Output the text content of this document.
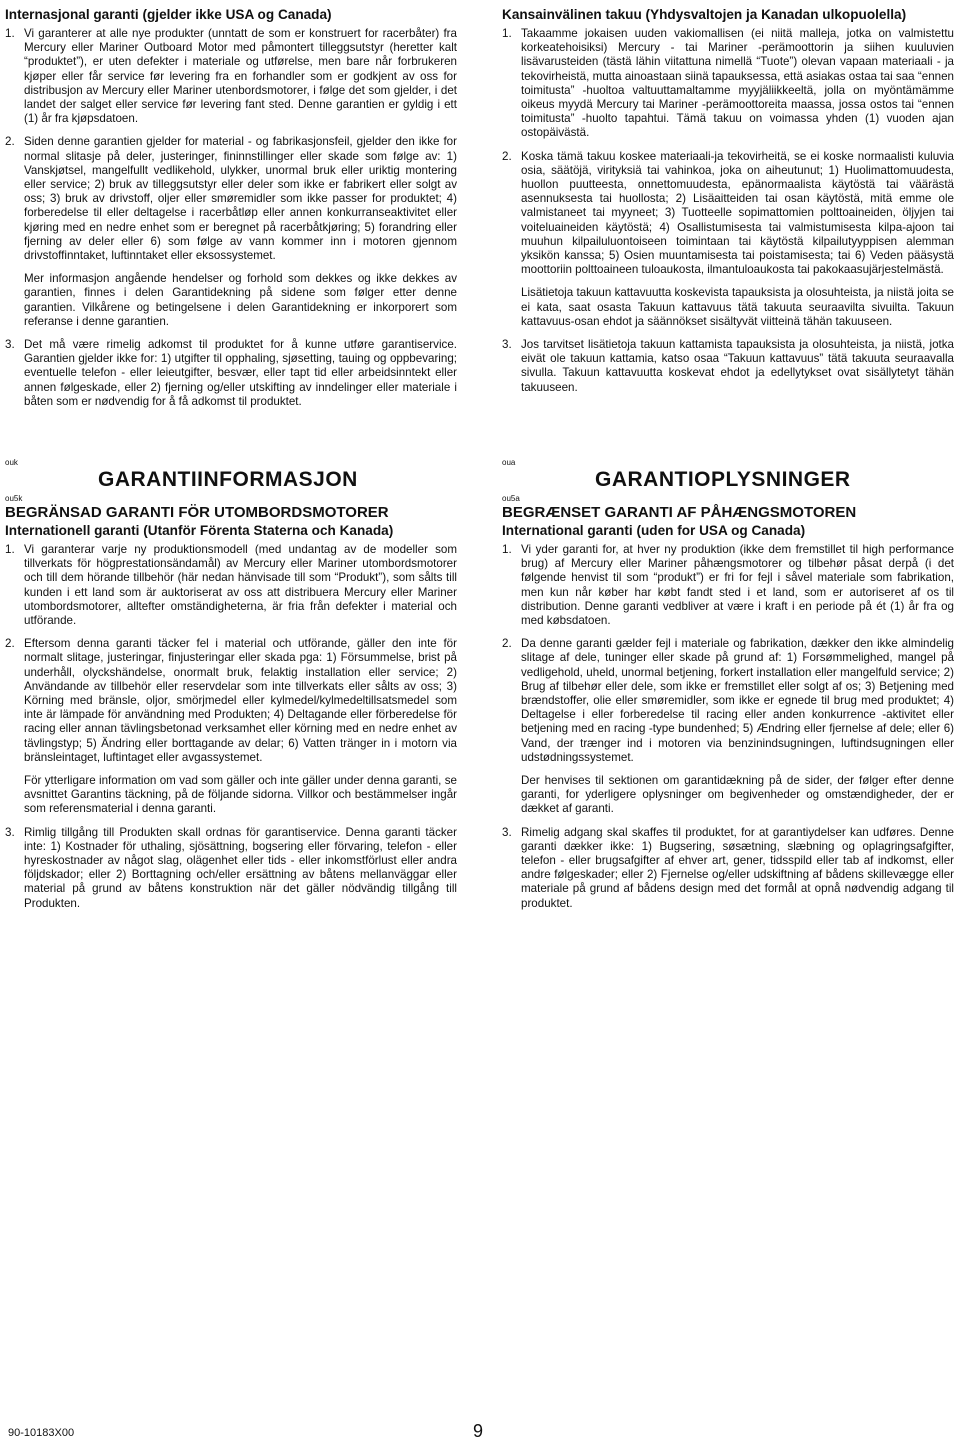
Internasjonal garanti (gjelder ikke USA og Canada)
1. Vi garanterer at alle nye produkter (unntatt de som er konstruert for racerbåter) fra Mercury eller Mariner Outboard Motor med påmontert tilleggsutstyr (heretter kalt “produktet”), er uten defekter i materiale og utførelse, men bare når forbrukeren kjøper eller får service før levering fra en forhandler som er godkjent av oss for distribusjon av Mercury eller Mariner utenbordsmotorer, i følge det som gjelder, i det landet der salget eller service før levering fant sted. Denne garantien er gyldig i ett (1) år fra kjøpsdatoen.
2. Siden denne garantien gjelder for material - og fabrikasjonsfeil, gjelder den ikke for normal slitasje på deler, justeringer, fininnstillinger eller skade som følge av: 1) Vanskjøtsel, mangelfullt vedlikehold, ulykker, unormal bruk eller uriktig montering eller service; 2) bruk av tilleggsutstyr eller deler som ikke er fabrikert eller solgt av oss; 3) bruk av drivstoff, oljer eller smøremidler som ikke passer for produktet; 4) forberedelse til eller deltagelse i racerbåtløp eller annen konkurranseaktivitet eller kjøring med en nedre enhet som er beregnet på racerbåtkjøring; 5) forandring eller fjerning av deler eller 6) som følge av vann kommer inn i motoren gjennom drivstoffinntaket, luftinntaket eller eksossystemet.
Mer informasjon angående hendelser og forhold som dekkes og ikke dekkes av garantien, finnes i delen Garantidekning på sidene som følger etter denne garantien. Vilkårene og betingelsene i delen Garantidekning er inkorporert som referanse i denne garantien.
3. Det må være rimelig adkomst til produktet for å kunne utføre garantiservice. Garantien gjelder ikke for: 1) utgifter til opphaling, sjøsetting, tauing og oppbevaring; eventuelle telefon - eller leieutgifter, besvær, eller tapt tid eller arbeidsinntekt eller annen følgeskade, eller 2) fjerning og/eller utskifting av inndelinger eller materiale i båten som er nødvendig for å få adkomst til produktet.
Kansainvälinen takuu (Yhdysvaltojen ja Kanadan ulkopuolella)
1. Takaamme jokaisen uuden vakiomallisen (ei niitä malleja, jotka on valmistettu korkeatehoisiksi) Mercury - tai Mariner -perämoottorin ja siihen kuuluvien lisävarusteiden (tästä lähin viitattuna nimellä “Tuote”) olevan vapaan materiaali - ja tekovirheistä, mutta ainoastaan siinä tapauksessa, että asiakas ostaa tai saa “ennen toimitusta” -huoltoa valtuuttamaltamme myyjäliikkeeltä, jolla on myöntämämme oikeus myydä Mercury tai Mariner -perämoottoreita maassa, jossa ostos tai “ennen toimitusta” -huolto tapahtui. Tämä takuu on voimassa yhden (1) vuoden ajan ostopäivästä.
2. Koska tämä takuu koskee materiaali-ja tekovirheitä, se ei koske normaalisti kuluvia osia, säätöjä, virityksiä tai vahinkoa, joka on aiheutunut; 1) Huolimattomuudesta, huollon puutteesta, onnettomuudesta, epänormaalista käytöstä tai väärästä asennuksesta tai huollosta; 2) Lisäaitteiden tai osan käytöstä, mitä emme ole valmistaneet tai myyneet; 3) Tuotteelle sopimattomien polttoaineiden, öljyjen tai voiteluaineiden käytöstä; 4) Osallistumisesta tai valmistumisesta kilpa-ajoon tai muuhun kilpailuluontoiseen toimintaan tai käytöstä kilpailutyyppisen alemman yksikön kanssa; 5) Osien muuntamisesta tai poistamisesta; tai 6) Veden pääsystä moottoriin polttoaineen tuloaukosta, ilmantuloaukosta tai pakokaasujärjestelmästä.
Lisätietoja takuun kattavuutta koskevista tapauksista ja olosuhteista, ja niistä joita se ei kata, saat osasta Takuun kattavuus tätä takuuta seuraavilta sivuilta. Takuun kattavuus-osan ehdot ja säännökset sisältyvät viitteinä tähän takuuseen.
3. Jos tarvitset lisätietoja takuun kattamista tapauksista ja olosuhteista, ja niistä, jotka eivät ole takuun kattamia, katso osaa “Takuun kattavuus” tätä takuuta seuraavalla sivulla. Takuun kattavuutta koskevat ehdot ja edellytykset ovat sisällytetyt tähän takuuseen.
ouk
GARANTIINFORMASJON
ou5k
BEGRÄNSAD GARANTI FÖR UTOMBORDSMOTORER
Internationell garanti (Utanför Förenta Staterna och Kanada)
1. Vi garanterar varje ny produktionsmodell (med undantag av de modeller som tillverkats för högprestationsändamål) av Mercury eller Mariner utombordsmotorer och till dem hörande tillbehör (här nedan hänvisade till som “Produkt”), som sålts till kunden i ett land som är auktoriserat av oss att distribuera Mercury eller Mariner utombordsmotorer, alltefter omständigheterna, är fria från defekter i material och utförande.
2. Eftersom denna garanti täcker fel i material och utförande, gäller den inte för normalt slitage, justeringar, finjusteringar eller skada pga: 1) Försummelse, brist på underhåll, olyckshändelse, onormalt bruk, felaktig installation eller service; 2) Användande av tillbehör eller reservdelar som inte tillverkats eller sålts av oss; 3) Körning med bränsle, oljor, smörjmedel eller kylmedel/kylmedeltillsatsmedel som inte är lämpade för användning med Produkten; 4) Deltagande eller förberedelse för racing eller annan tävlingsbetonad verksamhet eller körning med en nedre enhet av tävlingstyp; 5) Ändring eller borttagande av delar; 6) Vatten tränger in i motorn via bränsleintaget, luftintaget eller avgassystemet.
För ytterligare information om vad som gäller och inte gäller under denna garanti, se avsnittet Garantins täckning, på de följande sidorna. Villkor och bestämmelser ingår som referensmaterial i denna garanti.
3. Rimlig tillgång till Produkten skall ordnas för garantiservice. Denna garanti täcker inte: 1) Kostnader för uthaling, sjösättning, bogsering eller förvaring, telefon - eller hyreskostnader av något slag, olägenhet eller tids - eller inkomstförlust eller andra följdskador; eller 2) Borttagning och/eller ersättning av båtens mellanväggar eller material på grund av båtens konstruktion när det gäller nödvändig tillgång till Produkten.
oua
GARANTIOPLYSNINGER
ou5a
BEGRÆNSET GARANTI AF PÅHÆNGSMOTOREN
International garanti (uden for USA og Canada)
1. Vi yder garanti for, at hver ny produktion (ikke dem fremstillet til high performance brug) af Mercury eller Mariner påhængsmotorer og tilbehør påsat derpå (i det følgende henvist til som “produkt”) er fri for fejl i såvel materiale som fabrikation, men kun når køber har købt fandt sted i et land, som er autoriseret af os til distribution. Denne garanti vedbliver at være i kraft i en periode på ét (1) år fra og med købsdatoen.
2. Da denne garanti gælder fejl i materiale og fabrikation, dækker den ikke almindelig slitage af dele, tuninger eller skade på grund af: 1) Forsømmelighed, mangel på vedligehold, uheld, unormal betjening, forkert installation eller mangelfuld service; 2) Brug af tilbehør eller dele, som ikke er fremstillet eller solgt af os; 3) Betjening med brændstoffer, olie eller smøremidler, som ikke er egnede til brug med produktet; 4) Deltagelse i eller forberedelse til racing eller anden konkurrence -aktivitet eller betjening med en racing -type bundenhed; 5) Ændring eller fjernelse af dele; eller 6) Vand, der trænger ind i motoren via benzinindsugningen, luftindsugningen eller udstødningssystemet.
Der henvises til sektionen om garantidækning på de sider, der følger efter denne garanti, for yderligere oplysninger om begivenheder og omstændigheder, der er dækket af garanti.
3. Rimelig adgang skal skaffes til produktet, for at garantiydelser kan udføres. Denne garanti dækker ikke: 1) Bugsering, søsætning, slæbning og oplagringsafgifter, telefon - eller brugsafgifter af ehver art, gener, tidsspild eller tab af indkomst, eller andre følgeskader; eller 2) Fjernelse og/eller udskiftning af bådens skillevægge eller materiale på grund af bådens design med det formål at opnå nødvendig adgang til produktet.
90-10183X00	9
